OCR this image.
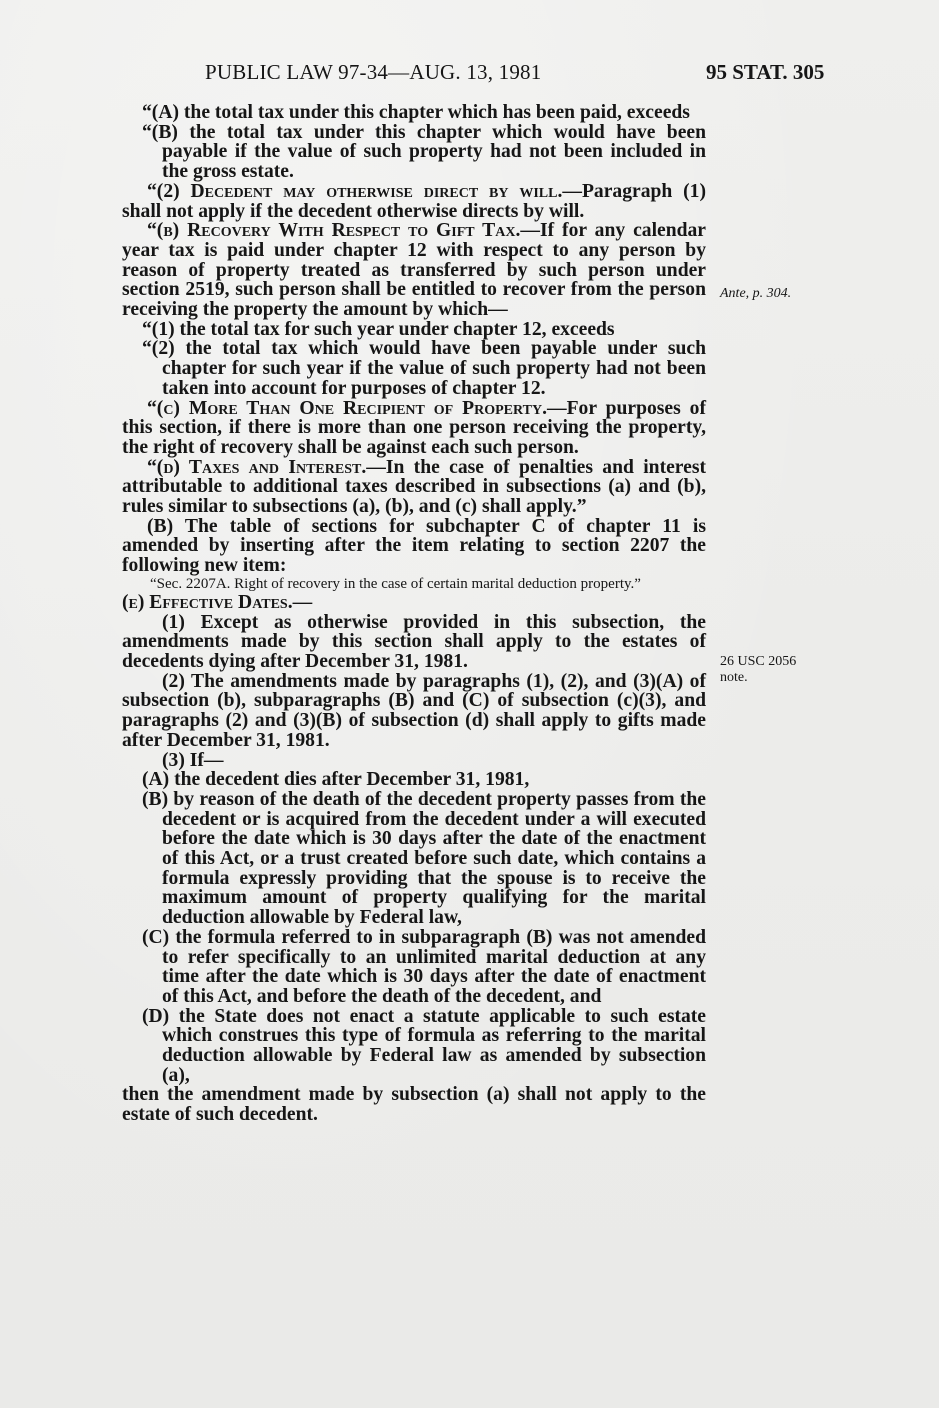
PUBLIC LAW 97-34—AUG. 13, 1981	95 STAT. 305

“(A) the total tax under this chapter which has been paid, exceeds

“(B) the total tax under this chapter which would have been payable if the value of such property had not been included in the gross estate.

“(2) Decedent may otherwise direct by will.—Paragraph (1) shall not apply if the decedent otherwise directs by will.

“(b) Recovery With Respect to Gift Tax.—If for any calendar year tax is paid under chapter 12 with respect to any person by reason of property treated as transferred by such person under section 2519, such person shall be entitled to recover from the person receiving the property the amount by which—

“(1) the total tax for such year under chapter 12, exceeds

“(2) the total tax which would have been payable under such chapter for such year if the value of such property had not been taken into account for purposes of chapter 12.

“(c) More Than One Recipient of Property.—For purposes of this section, if there is more than one person receiving the property, the right of recovery shall be against each such person.

“(d) Taxes and Interest.—In the case of penalties and interest attributable to additional taxes described in subsections (a) and (b), rules similar to subsections (a), (b), and (c) shall apply.”

(B) The table of sections for subchapter C of chapter 11 is amended by inserting after the item relating to section 2207 the following new item:

“Sec. 2207A. Right of recovery in the case of certain marital deduction property.”

(e) Effective Dates.—

(1) Except as otherwise provided in this subsection, the amendments made by this section shall apply to the estates of decedents dying after December 31, 1981.

(2) The amendments made by paragraphs (1), (2), and (3)(A) of subsection (b), subparagraphs (B) and (C) of subsection (c)(3), and paragraphs (2) and (3)(B) of subsection (d) shall apply to gifts made after December 31, 1981.

(3) If—

(A) the decedent dies after December 31, 1981,

(B) by reason of the death of the decedent property passes from the decedent or is acquired from the decedent under a will executed before the date which is 30 days after the date of the enactment of this Act, or a trust created before such date, which contains a formula expressly providing that the spouse is to receive the maximum amount of property qualifying for the marital deduction allowable by Federal law,

(C) the formula referred to in subparagraph (B) was not amended to refer specifically to an unlimited marital deduction at any time after the date which is 30 days after the date of enactment of this Act, and before the death of the decedent, and

(D) the State does not enact a statute applicable to such estate which construes this type of formula as referring to the marital deduction allowable by Federal law as amended by subsection (a),

then the amendment made by subsection (a) shall not apply to the estate of such decedent.

Ante, p. 304.
26 USC 2056
note.
